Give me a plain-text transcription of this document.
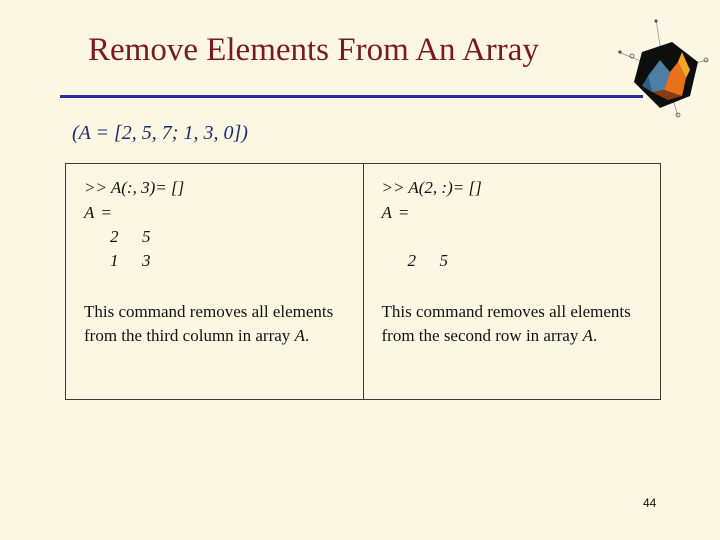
Remove Elements From An Array
(A = [2, 5, 7; 1, 3, 0])
>> A(:, 3)= []
A =
2 5
1 3
This command removes all elements from the third column in array A.
>> A(2, :)= []
A =
2 5
This command removes all elements from the second row in array A.
44
